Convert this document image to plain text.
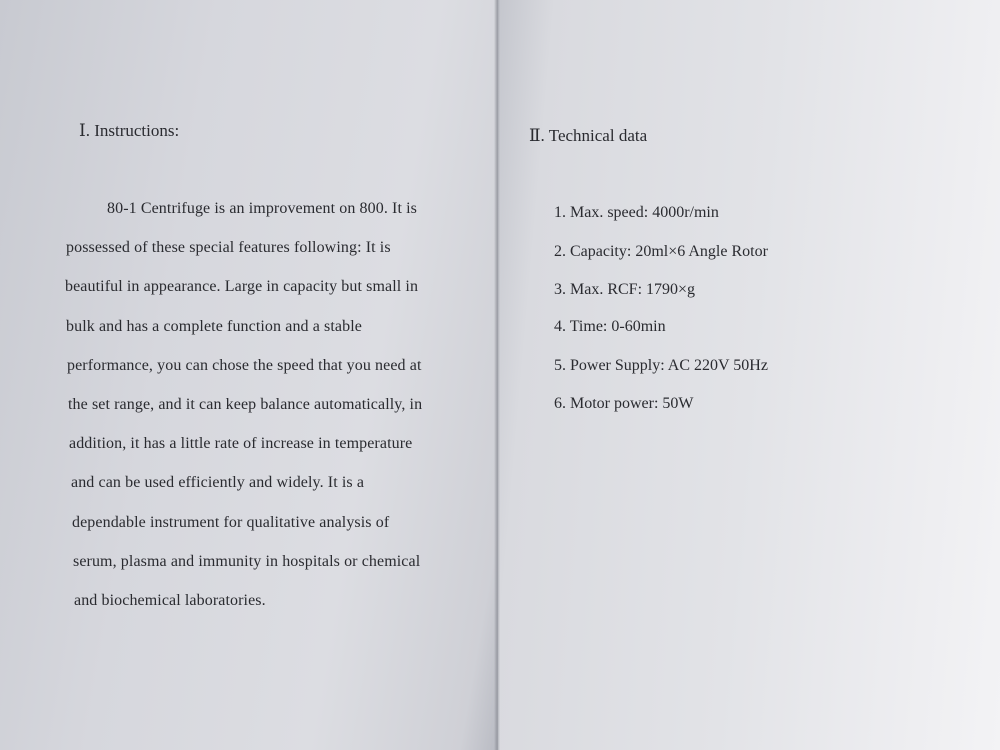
Ⅰ. Instructions:
80-1 Centrifuge is an improvement on 800. It is
possessed of these special features following: It is
beautiful in appearance. Large in capacity but small in
bulk and has a complete function and a stable
performance, you can chose the speed that you need at
the set range, and it can keep balance automatically, in
addition, it has a little rate of increase in temperature
and can be used efficiently and widely. It is a
dependable instrument for qualitative analysis of
serum, plasma and immunity in hospitals or chemical
and biochemical laboratories.
Ⅱ. Technical data
1. Max. speed: 4000r/min
2. Capacity: 20ml×6 Angle Rotor
3. Max. RCF: 1790×g
4. Time: 0-60min
5. Power Supply: AC 220V 50Hz
6. Motor power: 50W
